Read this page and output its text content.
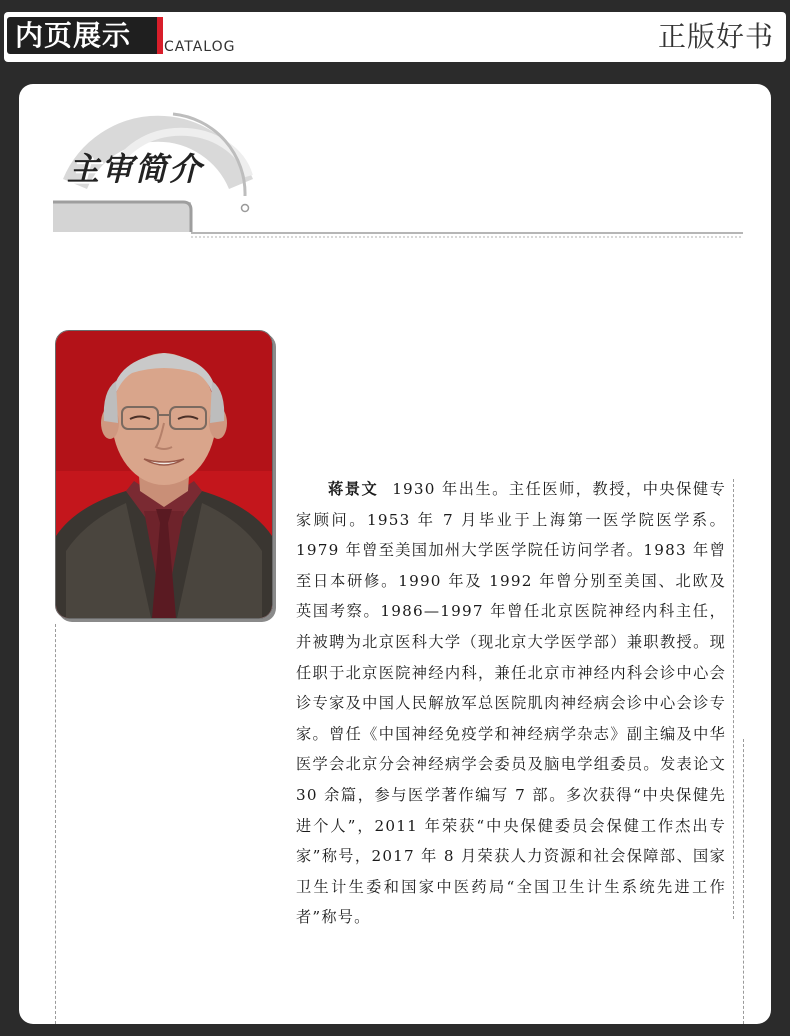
内页展示 CATALOG	正版好书
主审简介
蒋景文 1930 年出生。主任医师，教授，中央保健专家顾问。1953 年 7 月毕业于上海第一医学院医学系。1979 年曾至美国加州大学医学院任访问学者。1983 年曾至日本研修。1990 年及 1992 年曾分别至美国、北欧及英国考察。1986—1997 年曾任北京医院神经内科主任，并被聘为北京医科大学（现北京大学医学部）兼职教授。现任职于北京医院神经内科，兼任北京市神经内科会诊中心会诊专家及中国人民解放军总医院肌肉神经病会诊中心会诊专家。曾任《中国神经免疫学和神经病学杂志》副主编及中华医学会北京分会神经病学会委员及脑电学组委员。发表论文 30 余篇，参与医学著作编写 7 部。多次获得“中央保健先进个人”，2011 年荣获“中央保健委员会保健工作杰出专家”称号，2017 年 8 月荣获人力资源和社会保障部、国家卫生计生委和国家中医药局“全国卫生计生系统先进工作者”称号。
